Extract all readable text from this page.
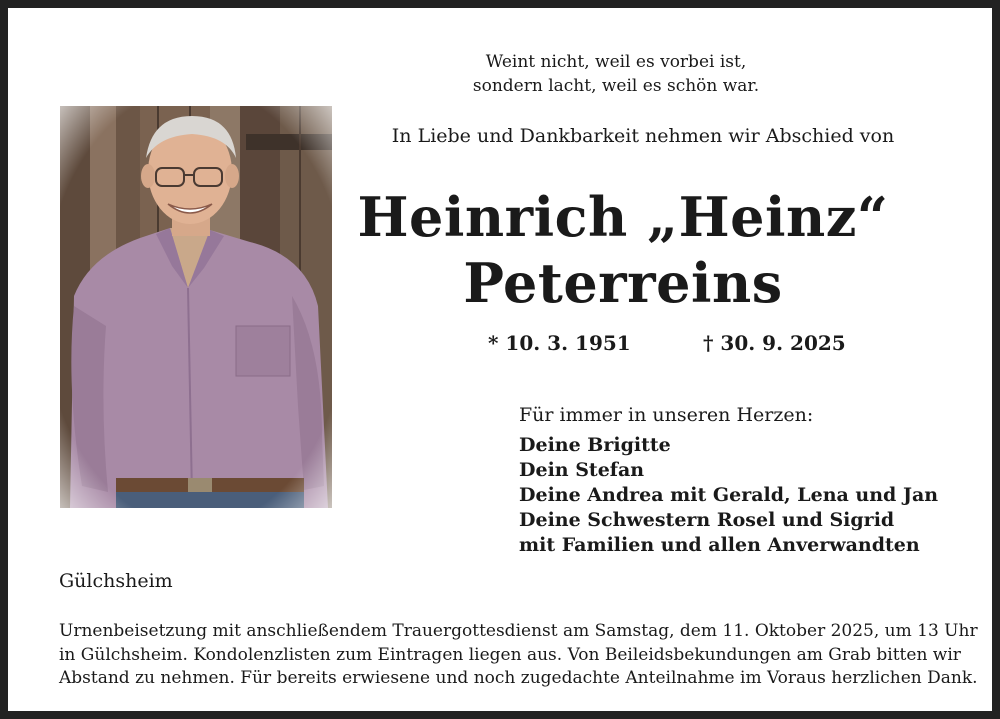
Weint nicht, weil es vorbei ist,
sondern lacht, weil es schön war.
In Liebe und Dankbarkeit nehmen wir Abschied von
Heinrich „Heinz“
Peterreins
* 10. 3. 1951	† 30. 9. 2025
Für immer in unseren Herzen:
Deine Brigitte
Dein Stefan
Deine Andrea mit Gerald, Lena und Jan
Deine Schwestern Rosel und Sigrid
mit Familien und allen Anverwandten
Gülchsheim
Urnenbeisetzung mit anschließendem Trauergottesdienst am Samstag, dem 11. Oktober 2025, um 13 Uhr
in Gülchsheim. Kondolenzlisten zum Eintragen liegen aus. Von Beileidsbekundungen am Grab bitten wir
Abstand zu nehmen. Für bereits erwiesene und noch zugedachte Anteilnahme im Voraus herzlichen Dank.
